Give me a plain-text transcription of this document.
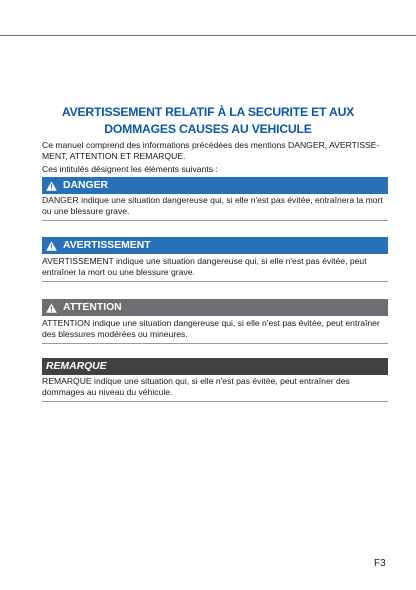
AVERTISSEMENT RELATIF À LA SECURITE ET AUX
DOMMAGES CAUSES AU VEHICULE

Ce manuel comprend des informations précédées des mentions DANGER, AVERTISSE-MENT, ATTENTION ET REMARQUE.

Ces intitulés désignent les éléments suivants :

DANGER

DANGER indique une situation dangereuse qui, si elle n'est pas évitée, entraînera la mort ou une blessure grave.

AVERTISSEMENT

AVERTISSEMENT indique une situation dangereuse qui, si elle n'est pas évitée, peut entraîner la mort ou une blessure grave.

ATTENTION

ATTENTION indique une situation dangereuse qui, si elle n'est pas évitée, peut entraîner des blessures modérées ou mineures.

REMARQUE

REMARQUE indique une situation qui, si elle n'est pas évitée, peut entraîner des dommages au niveau du véhicule.

F3
